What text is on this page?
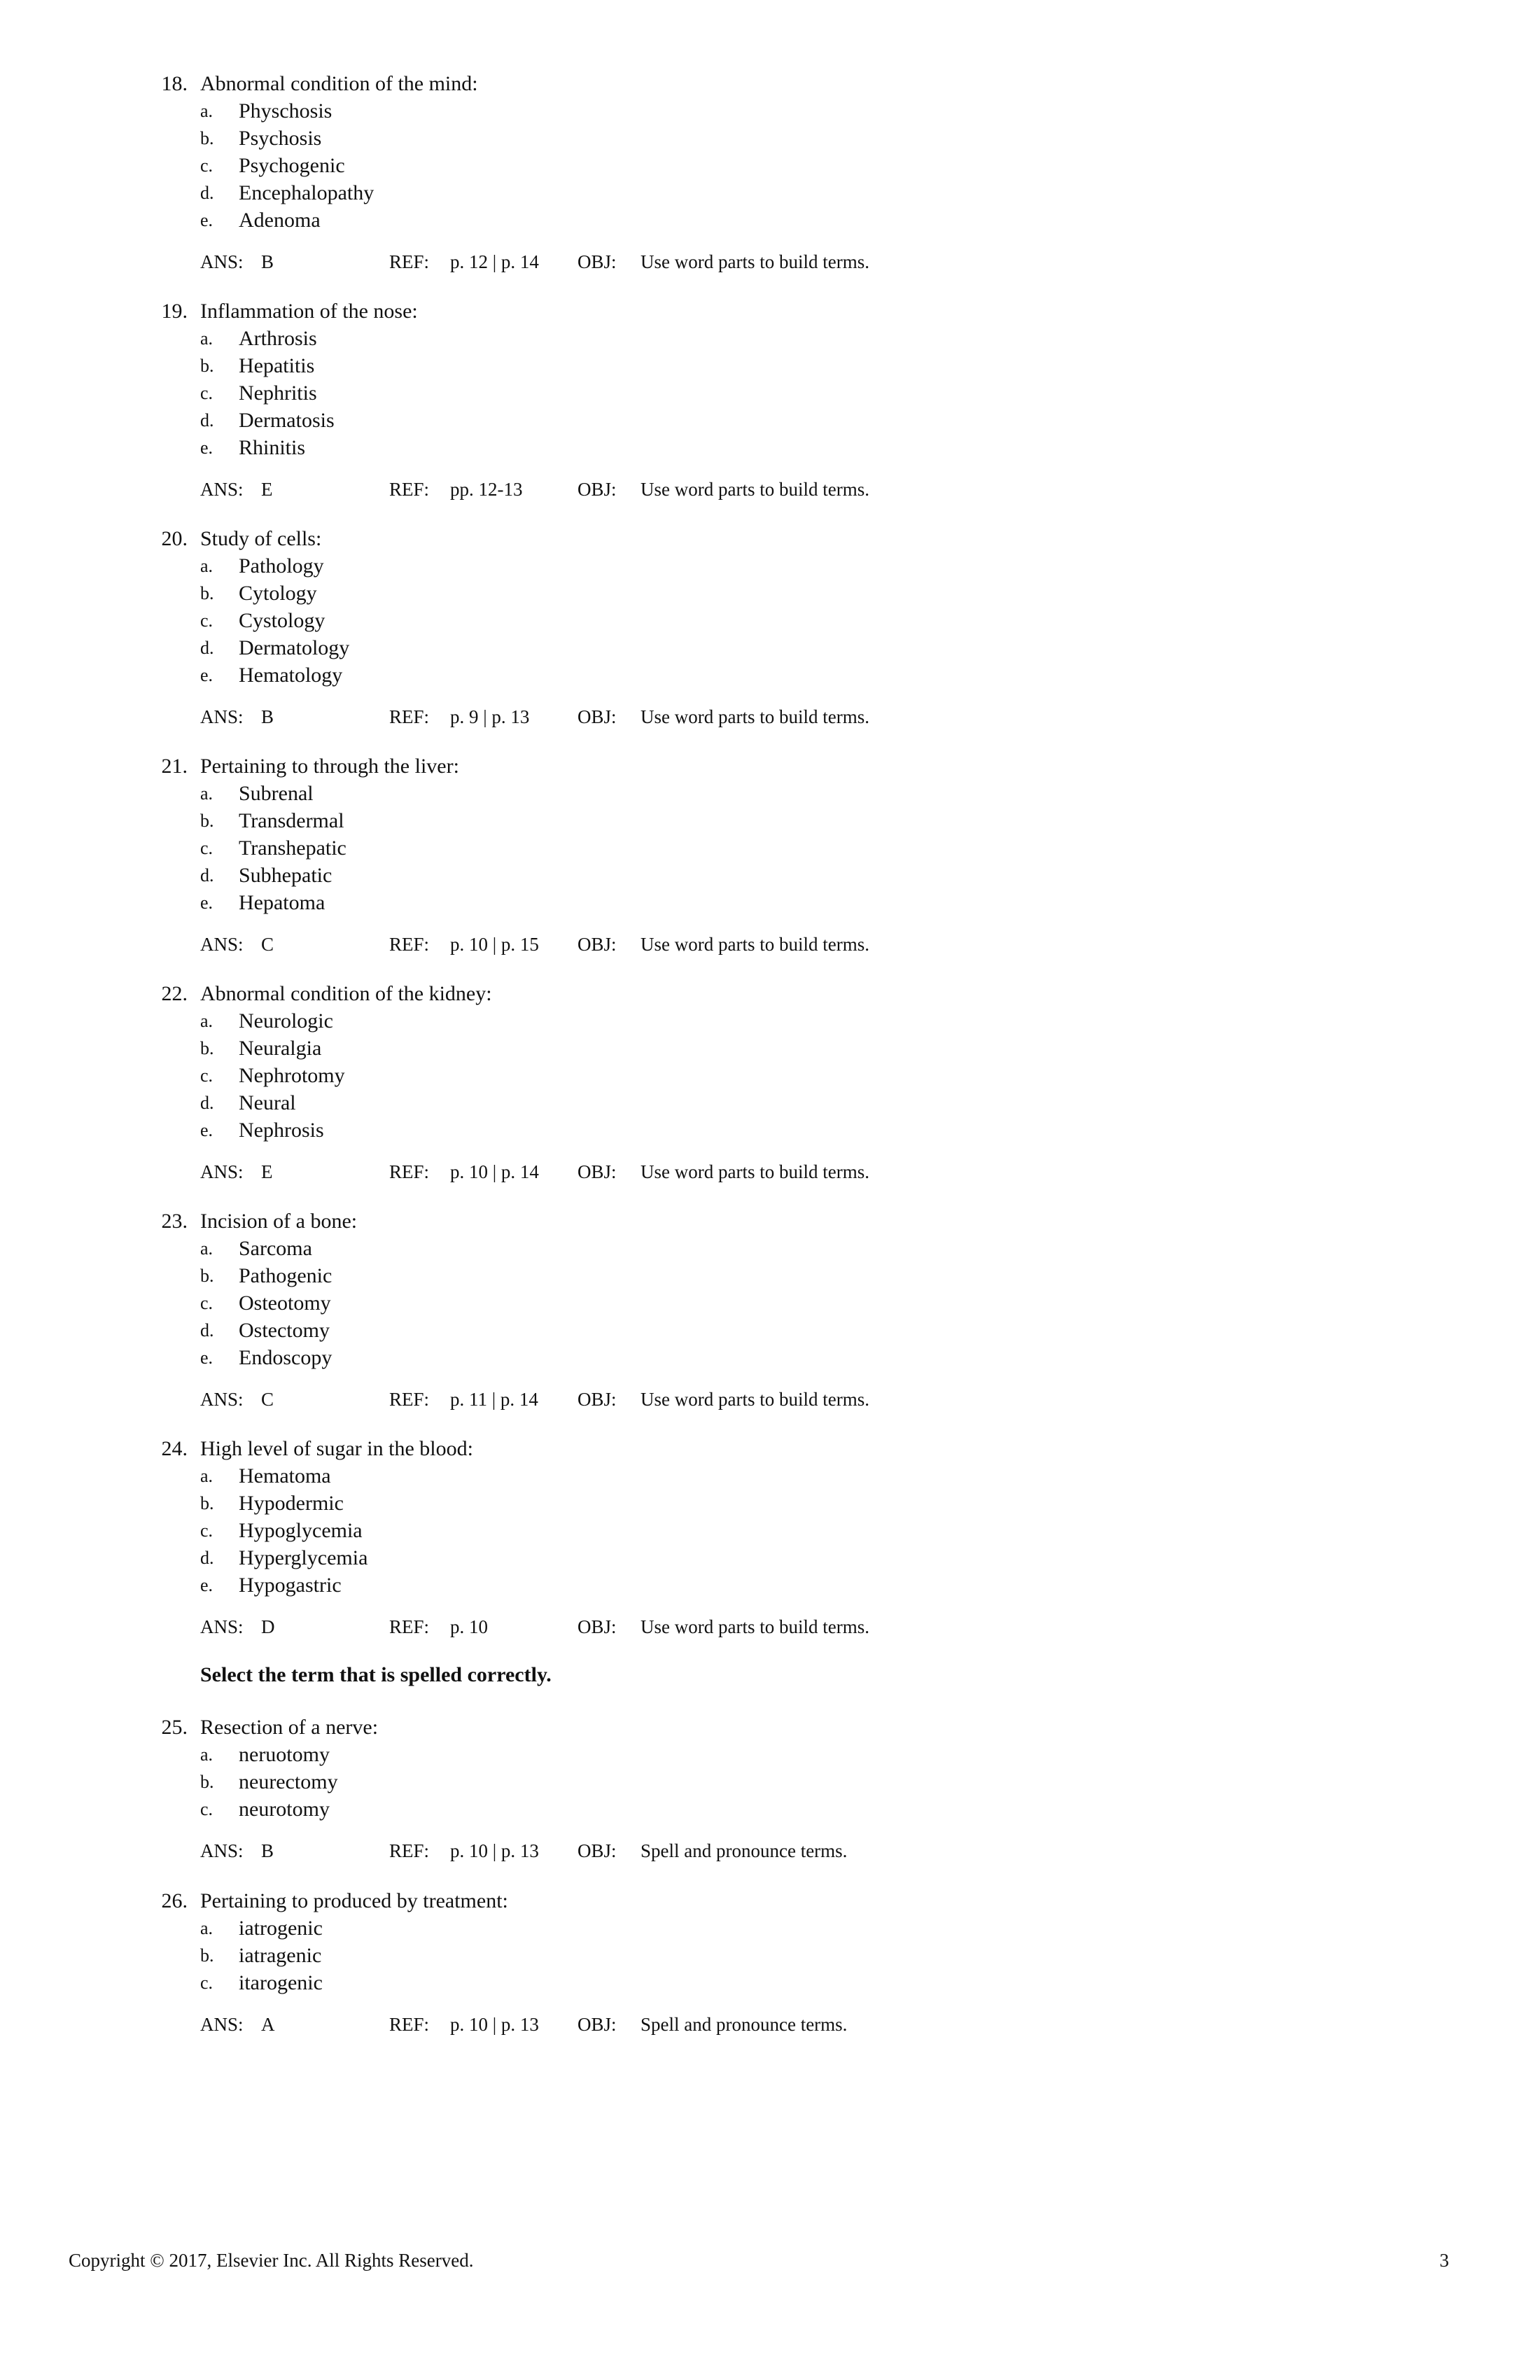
18. Abnormal condition of the mind:
a. Physchosis
b. Psychosis
c. Psychogenic
d. Encephalopathy
e. Adenoma
ANS: B	REF: p. 12 | p. 14 OBJ: Use word parts to build terms.
19. Inflammation of the nose:
a. Arthrosis
b. Hepatitis
c. Nephritis
d. Dermatosis
e. Rhinitis
ANS: E	REF: pp. 12-13	OBJ: Use word parts to build terms.
20. Study of cells:
a. Pathology
b. Cytology
c. Cystology
d. Dermatology
e. Hematology
ANS: B	REF: p. 9 | p. 13	OBJ: Use word parts to build terms.
21. Pertaining to through the liver:
a. Subrenal
b. Transdermal
c. Transhepatic
d. Subhepatic
e. Hepatoma
ANS: C	REF: p. 10 | p. 15 OBJ: Use word parts to build terms.
22. Abnormal condition of the kidney:
a. Neurologic
b. Neuralgia
c. Nephrotomy
d. Neural
e. Nephrosis
ANS: E	REF: p. 10 | p. 14 OBJ: Use word parts to build terms.
23. Incision of a bone:
a. Sarcoma
b. Pathogenic
c. Osteotomy
d. Ostectomy
e. Endoscopy
ANS: C	REF: p. 11 | p. 14 OBJ: Use word parts to build terms.
24. High level of sugar in the blood:
a. Hematoma
b. Hypodermic
c. Hypoglycemia
d. Hyperglycemia
e. Hypogastric
ANS: D	REF: p. 10	OBJ: Use word parts to build terms.
Select the term that is spelled correctly.
25. Resection of a nerve:
a. neruotomy
b. neurectomy
c. neurotomy
ANS: B	REF: p. 10 | p. 13 OBJ: Spell and pronounce terms.
26. Pertaining to produced by treatment:
a. iatrogenic
b. iatragenic
c. itarogenic
ANS: A	REF: p. 10 | p. 13 OBJ: Spell and pronounce terms.
Copyright © 2017, Elsevier Inc. All Rights Reserved.	3
